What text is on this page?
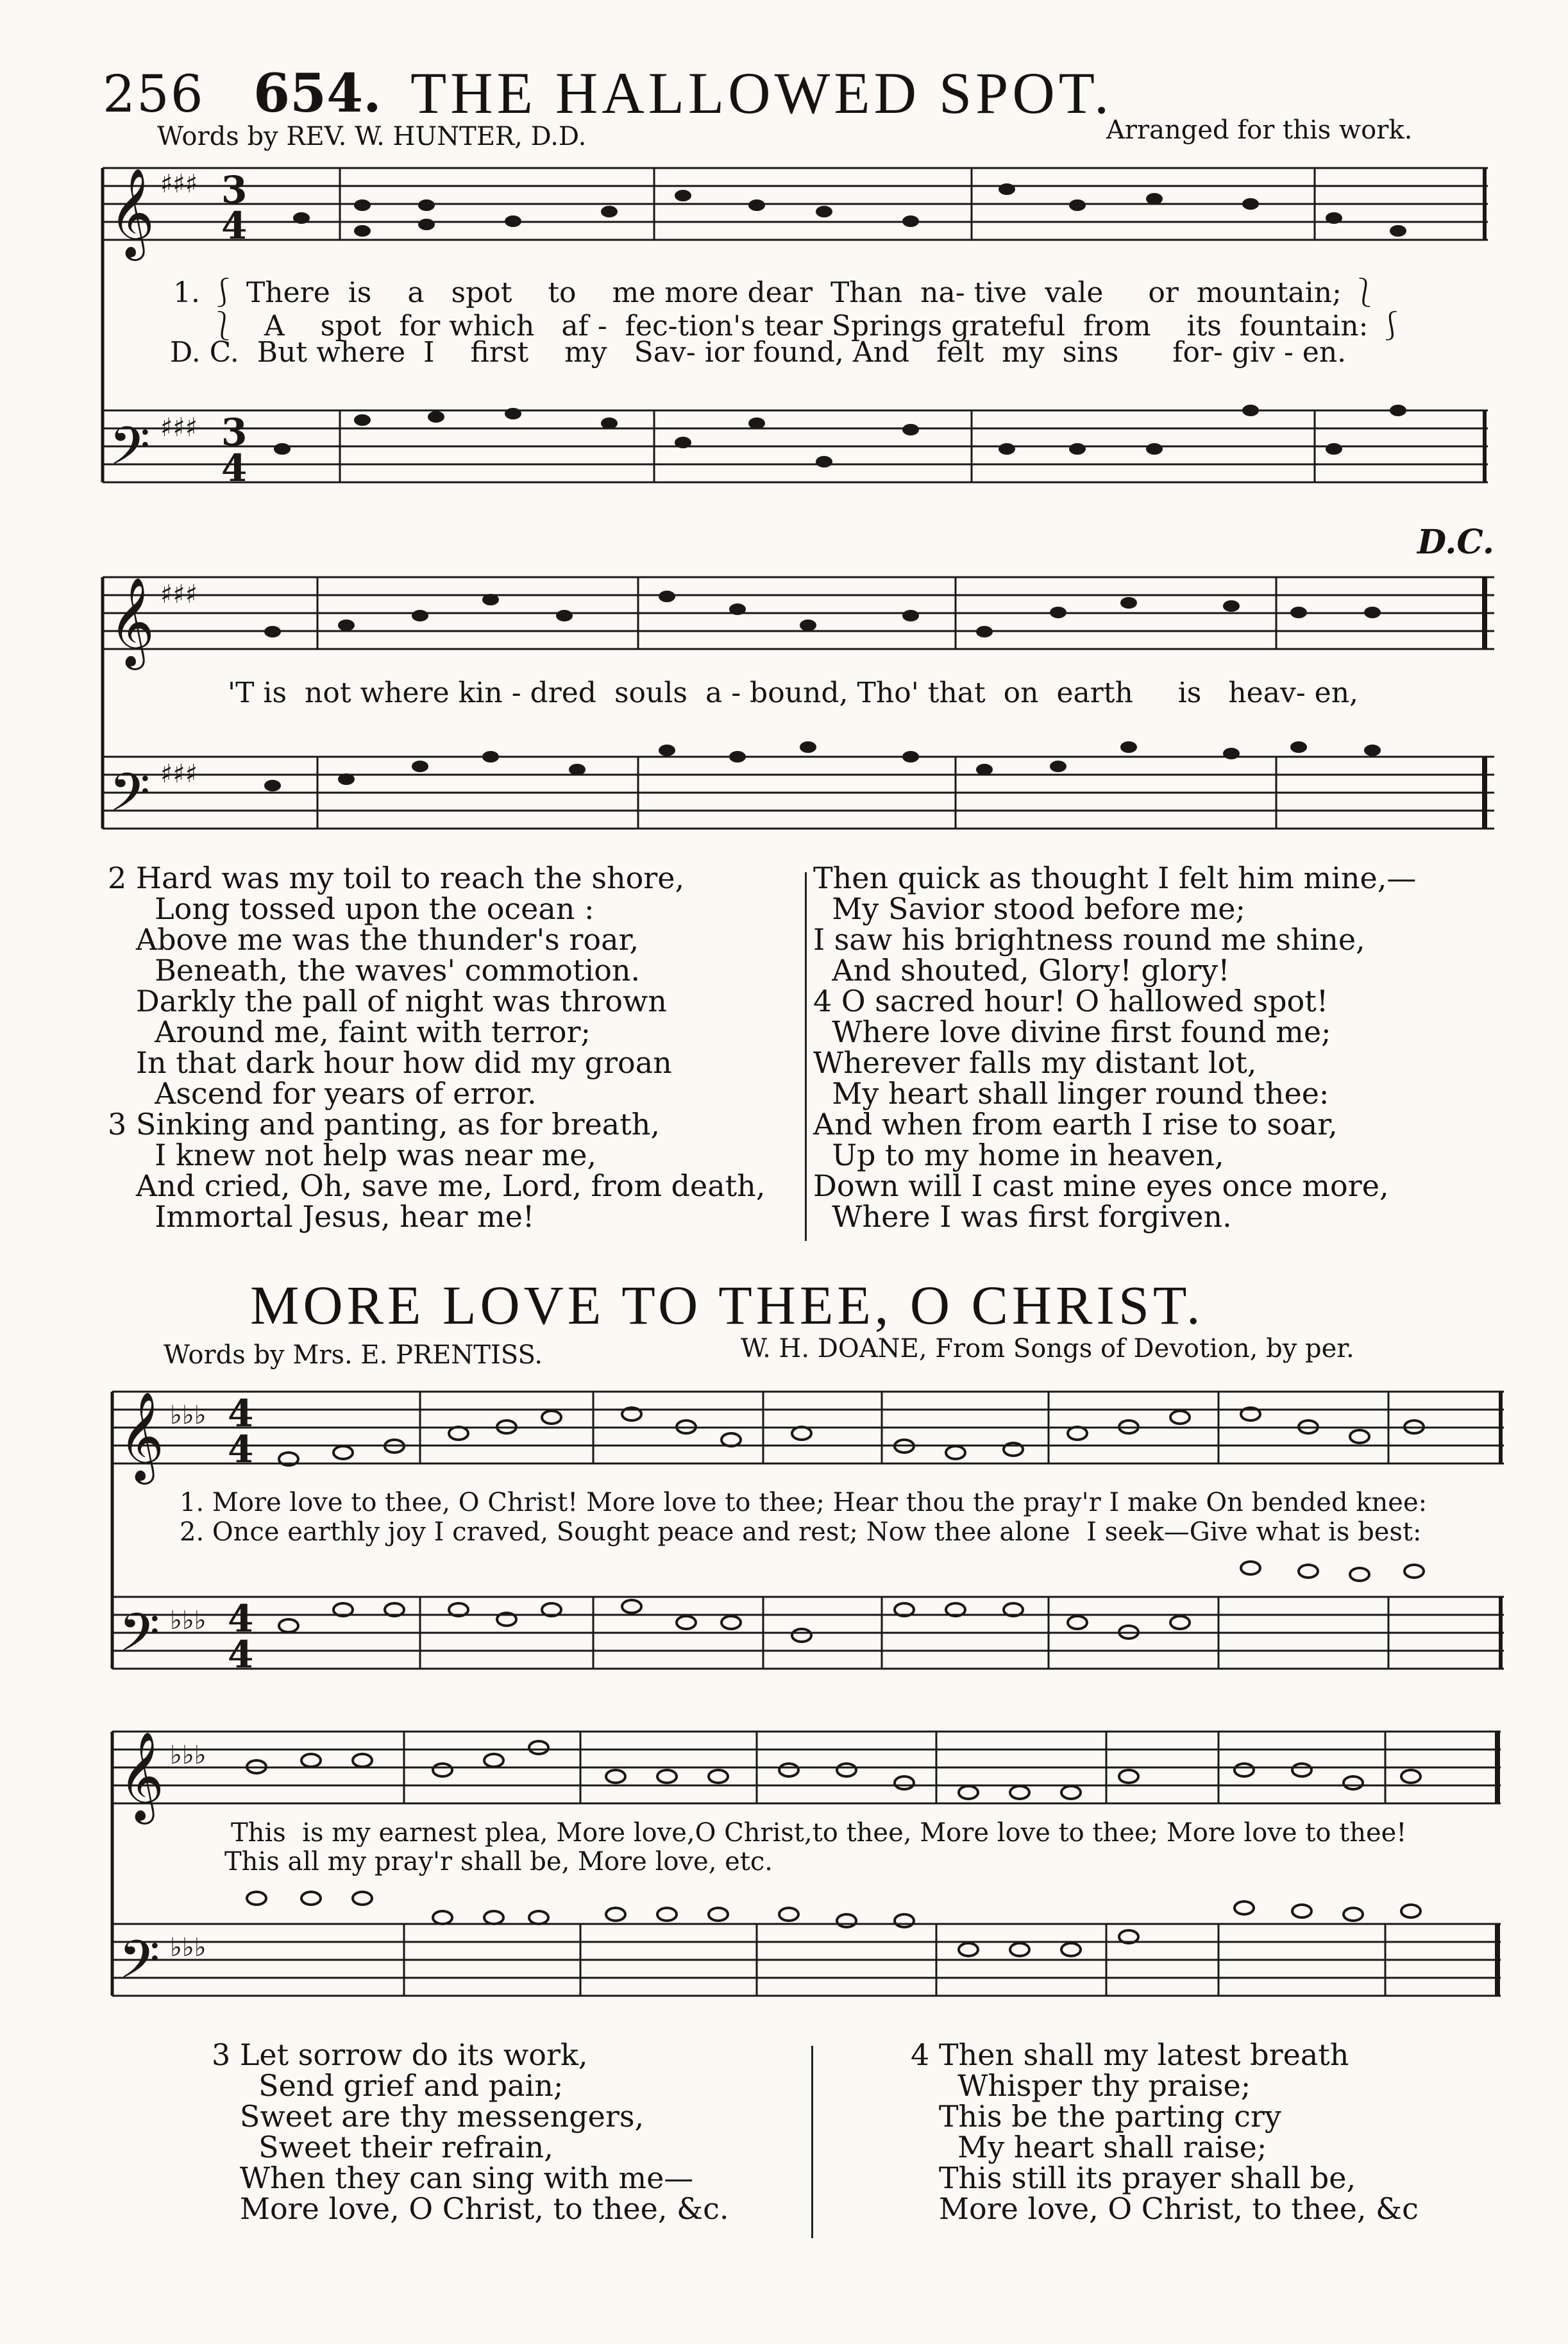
256 654. THE HALLOWED SPOT.
Words by REV. W. HUNTER, D.D.	Arranged for this work.
𝄞
𝄢
𝄞
𝄢
♯♯♯
♯♯♯
♯♯♯
♯♯♯
3
4
3
4
D.C.
1. ⎰ There  is    a   spot    to    me more dear  Than  na- tive  vale     or  mountain; ⎱
⎱   A    spot  for which   af -  fec-tion's tear Springs grateful  from    its  fountain: ⎰
D. C.  But where  I    first    my   Sav- ior found, And   felt  my  sins      for- giv - en.
'T is  not where kin - dred  souls  a - bound, Tho' that  on  earth     is   heav- en,
2 Hard was my toil to reach the shore,
Long tossed upon the ocean :
Above me was the thunder's roar,
Beneath, the waves' commotion.
Darkly the pall of night was thrown
Around me, faint with terror;
In that dark hour how did my groan
Ascend for years of error.
3 Sinking and panting, as for breath,
I knew not help was near me,
And cried, Oh, save me, Lord, from death,
Immortal Jesus, hear me!
Then quick as thought I felt him mine,—
My Savior stood before me;
I saw his brightness round me shine,
And shouted, Glory! glory!
4 O sacred hour! O hallowed spot!
Where love divine first found me;
Wherever falls my distant lot,
My heart shall linger round thee:
And when from earth I rise to soar,
Up to my home in heaven,
Down will I cast mine eyes once more,
Where I was first forgiven.
MORE LOVE TO THEE, O CHRIST.
Words by Mrs. E. PRENTISS.	W. H. DOANE, From Songs of Devotion, by per.
𝄞
𝄢
𝄞
𝄢
♭♭♭
♭♭♭
♭♭♭
♭♭♭
4
4
4
4
1. More love to thee, O Christ! More love to thee; Hear thou the pray'r I make On bended knee:
2. Once earthly joy I craved, Sought peace and rest; Now thee alone  I seek—Give what is best:
This  is my earnest plea, More love,O Christ,to thee, More love to thee; More love to thee!
This all my pray'r shall be, More love, etc.
3 Let sorrow do its work,
Send grief and pain;
Sweet are thy messengers,
Sweet their refrain,
When they can sing with me—
More love, O Christ, to thee, &c.
4 Then shall my latest breath
Whisper thy praise;
This be the parting cry
My heart shall raise;
This still its prayer shall be,
More love, O Christ, to thee, &c
